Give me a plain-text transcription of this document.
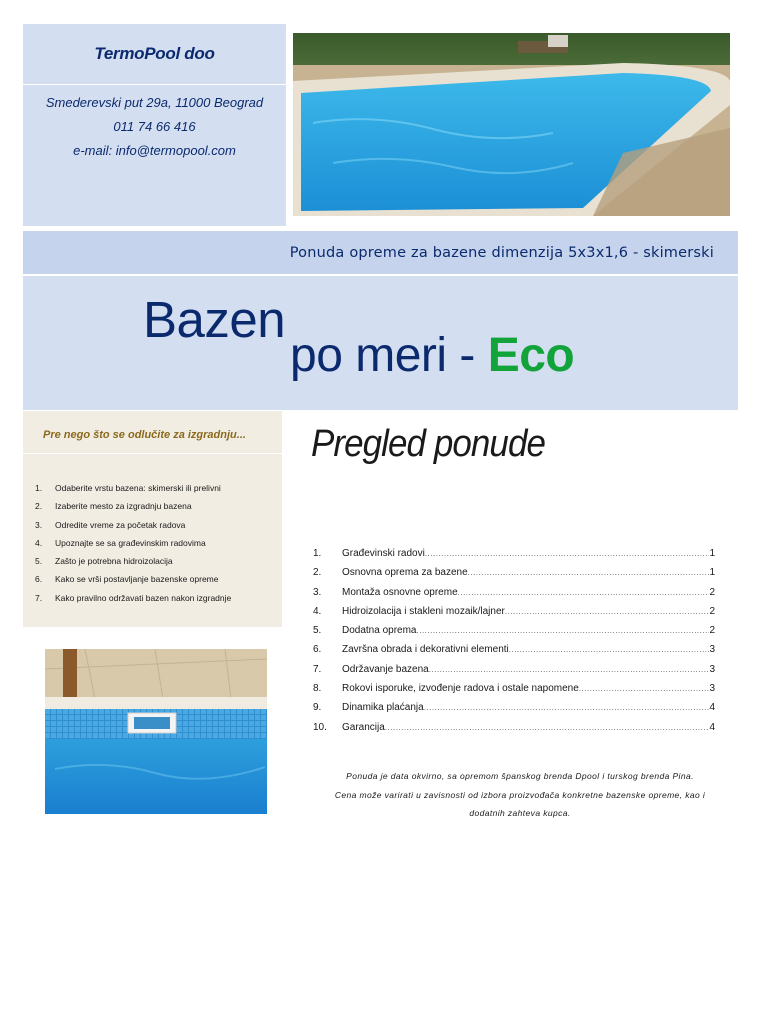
TermoPool doo
Smederevski put 29a, 11000 Beograd
011 74 66 416
e-mail: info@termopool.com
Ponuda opreme za bazene dimenzija 5x3x1,6 - skimerski
Bazen
po meri - Eco
Pre nego što se odlučite za izgradnju...
1. Odaberite vrstu bazena: skimerski ili prelivni
2. Izaberite mesto za izgradnju bazena
3. Odredite vreme za početak radova
4. Upoznajte se sa građevinskim radovima
5. Zašto je potrebna hidroizolacija
6. Kako se vrši postavljanje bazenske opreme
7. Kako pravilno održavati bazen nakon izgradnje
Pregled ponude
1.	Građevinski radovi .....	1
2.	Osnovna oprema za bazene .....	1
3.	Montaža osnovne opreme .....	2
4.	Hidroizolacija i stakleni mozaik/lajner .....	2
5.	Dodatna oprema .....	2
6.	Završna obrada i dekorativni elementi .....	3
7.	Održavanje bazena .....	3
8.	Rokovi isporuke, izvođenje radova i ostale napomene .....	3
9.	Dinamika plaćanja .....	4
10.	Garancija .....	4
Ponuda je data okvirno, sa opremom španskog brenda Dpool i turskog brenda Pina.
Cena može varirati u zavisnosti od izbora proizvođača konkretne bazenske opreme, kao i
dodatnih zahteva kupca.
